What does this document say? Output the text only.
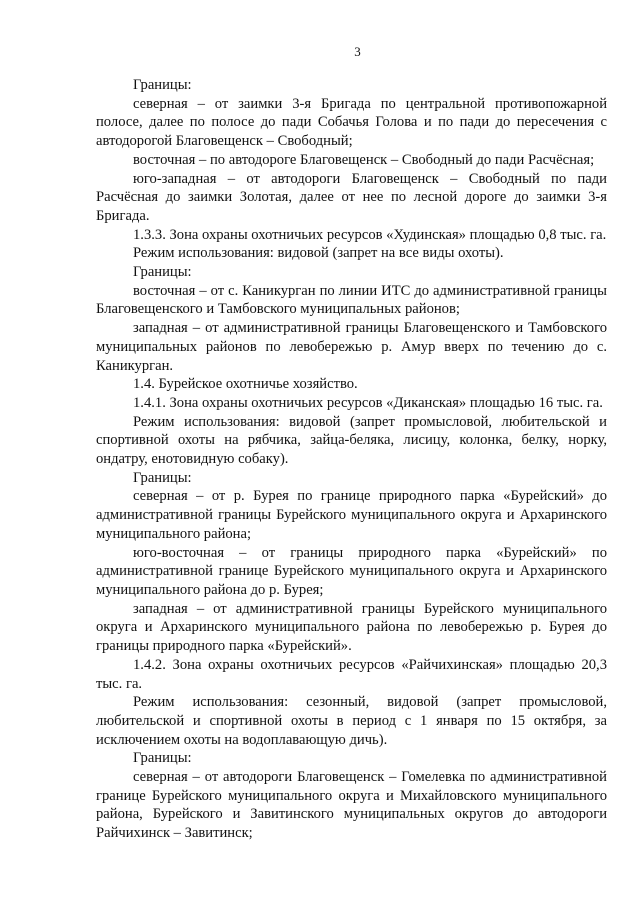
3

Границы:

северная – от заимки 3-я Бригада по центральной противопожарной полосе, далее по полосе до пади Собачья Голова и по пади до пересечения с автодорогой Благовещенск – Свободный;

восточная – по автодороге Благовещенск – Свободный до пади Расчёсная;

юго-западная – от автодороги Благовещенск – Свободный по пади Расчёсная до заимки Золотая, далее от нее по лесной дороге до заимки 3-я Бригада.

1.3.3. Зона охраны охотничьих ресурсов «Худинская» площадью 0,8 тыс. га.

Режим использования: видовой (запрет на все виды охоты).

Границы:

восточная – от с. Каникурган по линии ИТС до административной границы Благовещенского и Тамбовского муниципальных районов;

западная – от административной границы Благовещенского и Тамбовского муниципальных районов по левобережью р. Амур вверх по течению до с. Каникурган.

1.4. Бурейское охотничье хозяйство.

1.4.1. Зона охраны охотничьих ресурсов «Диканская» площадью 16 тыс. га.

Режим использования: видовой (запрет промысловой, любительской и спортивной охоты на рябчика, зайца-беляка, лисицу, колонка, белку, норку, ондатру, енотовидную собаку).

Границы:

северная – от р. Бурея по границе природного парка «Бурейский» до административной границы Бурейского муниципального округа и Архаринского муниципального района;

юго-восточная – от границы природного парка «Бурейский» по административной границе Бурейского муниципального округа и Архаринского муниципального района до р. Бурея;

западная – от административной границы Бурейского муниципального округа и Архаринского муниципального района по левобережью р. Бурея до границы природного парка «Бурейский».

1.4.2. Зона охраны охотничьих ресурсов «Райчихинская» площадью 20,3 тыс. га.

Режим использования: сезонный, видовой (запрет промысловой, любительской и спортивной охоты в период с 1 января по 15 октября, за исключением охоты на водоплавающую дичь).

Границы:

северная – от автодороги Благовещенск – Гомелевка по административной границе Бурейского муниципального округа и Михайловского муниципального района, Бурейского и Завитинского муниципальных округов до автодороги Райчихинск – Завитинск;
